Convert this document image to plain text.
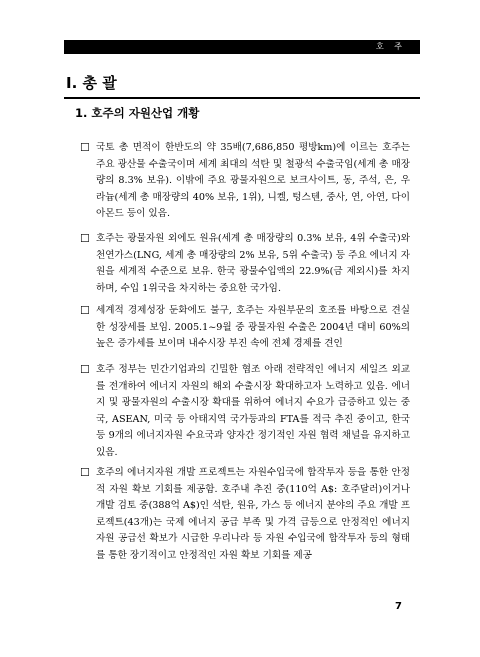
호 주
I. 총 괄
1. 호주의 자원산업 개황
☐ 국토 총 면적이 한반도의 약 35배(7,686,850 평방km)에 이르는 호주는 주요 광산물 수출국이며 세계 최대의 석탄 및 철광석 수출국임(세계 총 매장량의 8.3% 보유). 이밖에 주요 광물자원으로 보크사이트, 동, 주석, 은, 우라늄(세계 총 매장량의 40% 보유, 1위), 니켈, 텅스텐, 중사, 연, 아연, 다이아몬드 등이 있음.
☐ 호주는 광물자원 외에도 원유(세계 총 매장량의 0.3% 보유, 4위 수출국)와 천연가스(LNG, 세계 총 매장량의 2% 보유, 5위 수출국) 등 주요 에너지 자원을 세계적 수준으로 보유. 한국 광물수입액의 22.9%(금 제외시)를 차지하며, 수입 1위국을 차지하는 중요한 국가임.
☐ 세계적 경제성장 둔화에도 불구, 호주는 자원부문의 호조를 바탕으로 견실한 성장세를 보임. 2005.1~9월 중 광물자원 수출은 2004년 대비 60%의 높은 증가세를 보이며 내수시장 부진 속에 전체 경제를 견인
☐ 호주 정부는 민간기업과의 긴밀한 협조 아래 전략적인 에너지 세일즈 외교를 전개하여 에너지 자원의 해외 수출시장 확대하고자 노력하고 있음. 에너지 및 광물자원의 수출시장 확대를 위하여 에너지 수요가 급증하고 있는 중국, ASEAN, 미국 등 아태지역 국가등과의 FTA를 적극 추진 중이고, 한국 등 9개의 에너지자원 수요국과 양자간 정기적인 자원 협력 채널을 유지하고 있음.
☐ 호주의 에너지자원 개발 프로젝트는 자원수입국에 합작투자 등을 통한 안정적 자원 확보 기회를 제공함. 호주내 추진 중(110억 A$: 호주달러)이거나 개발 검토 중(388억 A$)인 석탄, 원유, 가스 등 에너지 분야의 주요 개발 프로젝트(43개)는 국제 에너지 공급 부족 및 가격 급등으로 안정적인 에너지자원 공급선 확보가 시급한 우리나라 등 자원 수입국에 합작투자 등의 형태를 통한 장기적이고 안정적인 자원 확보 기회를 제공
7
